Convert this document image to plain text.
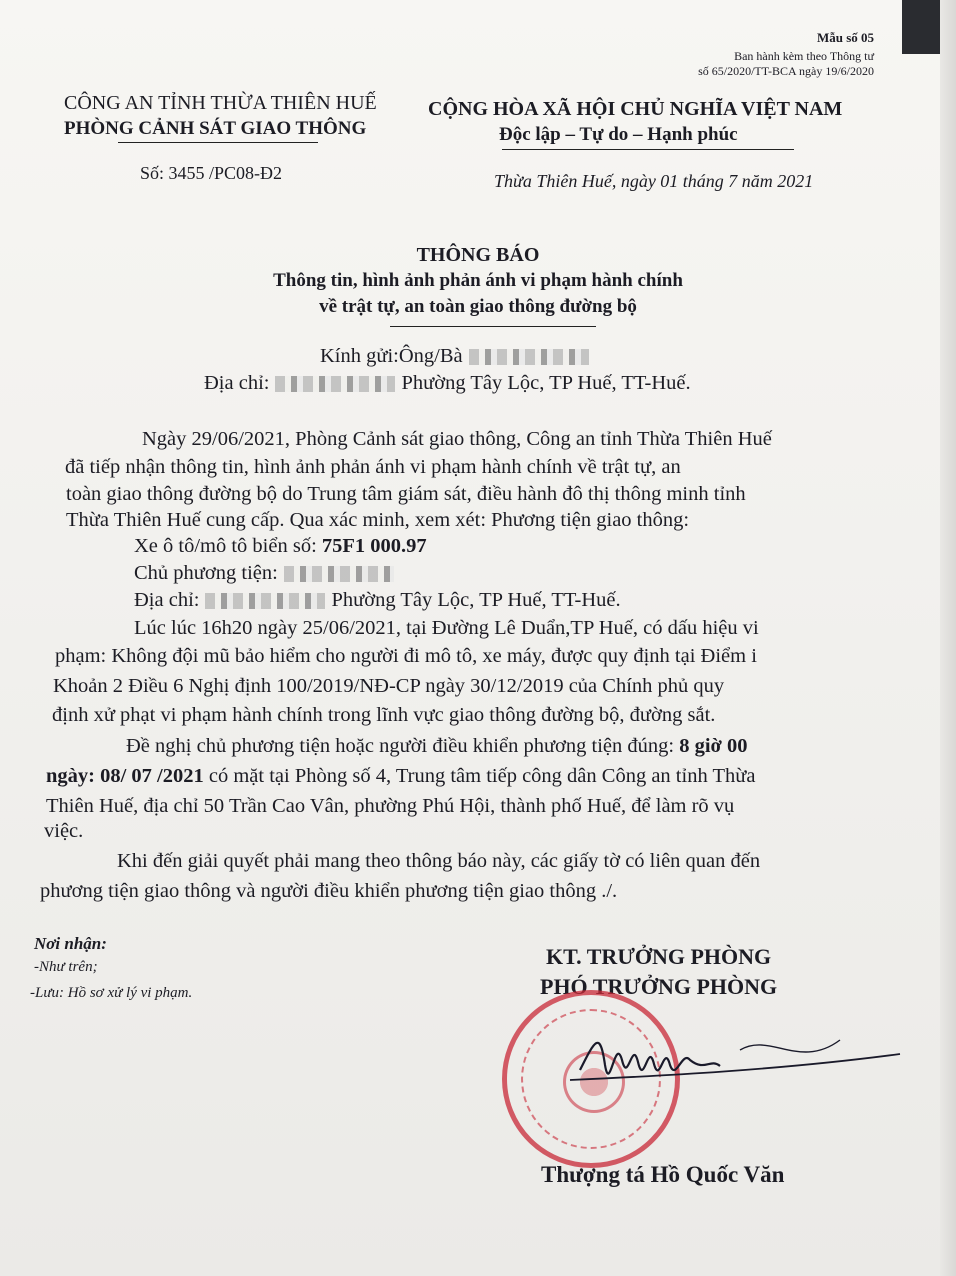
Mẫu số 05
Ban hành kèm theo Thông tư
số 65/2020/TT-BCA ngày 19/6/2020
CÔNG AN TỈNH THỪA THIÊN HUẾ
PHÒNG CẢNH SÁT GIAO THÔNG
CỘNG HÒA XÃ HỘI CHỦ NGHĨA VIỆT NAM
Độc lập – Tự do – Hạnh phúc
Số: 3455 /PC08-Đ2	Thừa Thiên Huế, ngày 01 tháng 7 năm 2021
THÔNG BÁO
Thông tin, hình ảnh phản ánh vi phạm hành chính
về trật tự, an toàn giao thông đường bộ
Kính gửi:Ông/Bà
Địa chỉ:	Phường Tây Lộc, TP Huế, TT-Huế.
Ngày 29/06/2021, Phòng Cảnh sát giao thông, Công an tỉnh Thừa Thiên Huế
đã tiếp nhận thông tin, hình ảnh phản ánh vi phạm hành chính về trật tự, an
toàn giao thông đường bộ do Trung tâm giám sát, điều hành đô thị thông minh tỉnh
Thừa Thiên Huế cung cấp. Qua xác minh, xem xét: Phương tiện giao thông:
Xe ô tô/mô tô biển số: 75F1 000.97
Chủ phương tiện:
Địa chỉ:	Phường Tây Lộc, TP Huế, TT-Huế.
Lúc lúc 16h20 ngày 25/06/2021, tại Đường Lê Duẩn,TP Huế, có dấu hiệu vi
phạm: Không đội mũ bảo hiểm cho người đi mô tô, xe máy, được quy định tại Điểm i
Khoản 2 Điều 6 Nghị định 100/2019/NĐ-CP ngày 30/12/2019 của Chính phủ quy
định xử phạt vi phạm hành chính trong lĩnh vực giao thông đường bộ, đường sắt.
Đề nghị chủ phương tiện hoặc người điều khiển phương tiện đúng: 8 giờ 00
ngày: 08/ 07 /2021 có mặt tại Phòng số 4, Trung tâm tiếp công dân Công an tỉnh Thừa
Thiên Huế, địa chỉ 50 Trần Cao Vân, phường Phú Hội, thành phố Huế, để làm rõ vụ
việc.
Khi đến giải quyết phải mang theo thông báo này, các giấy tờ có liên quan đến
phương tiện giao thông và người điều khiển phương tiện giao thông ./.
Nơi nhận:
-Như trên;
-Lưu: Hồ sơ xử lý vi phạm.
KT. TRƯỞNG PHÒNG
PHÓ TRƯỞNG PHÒNG
Thượng tá Hồ Quốc Văn
